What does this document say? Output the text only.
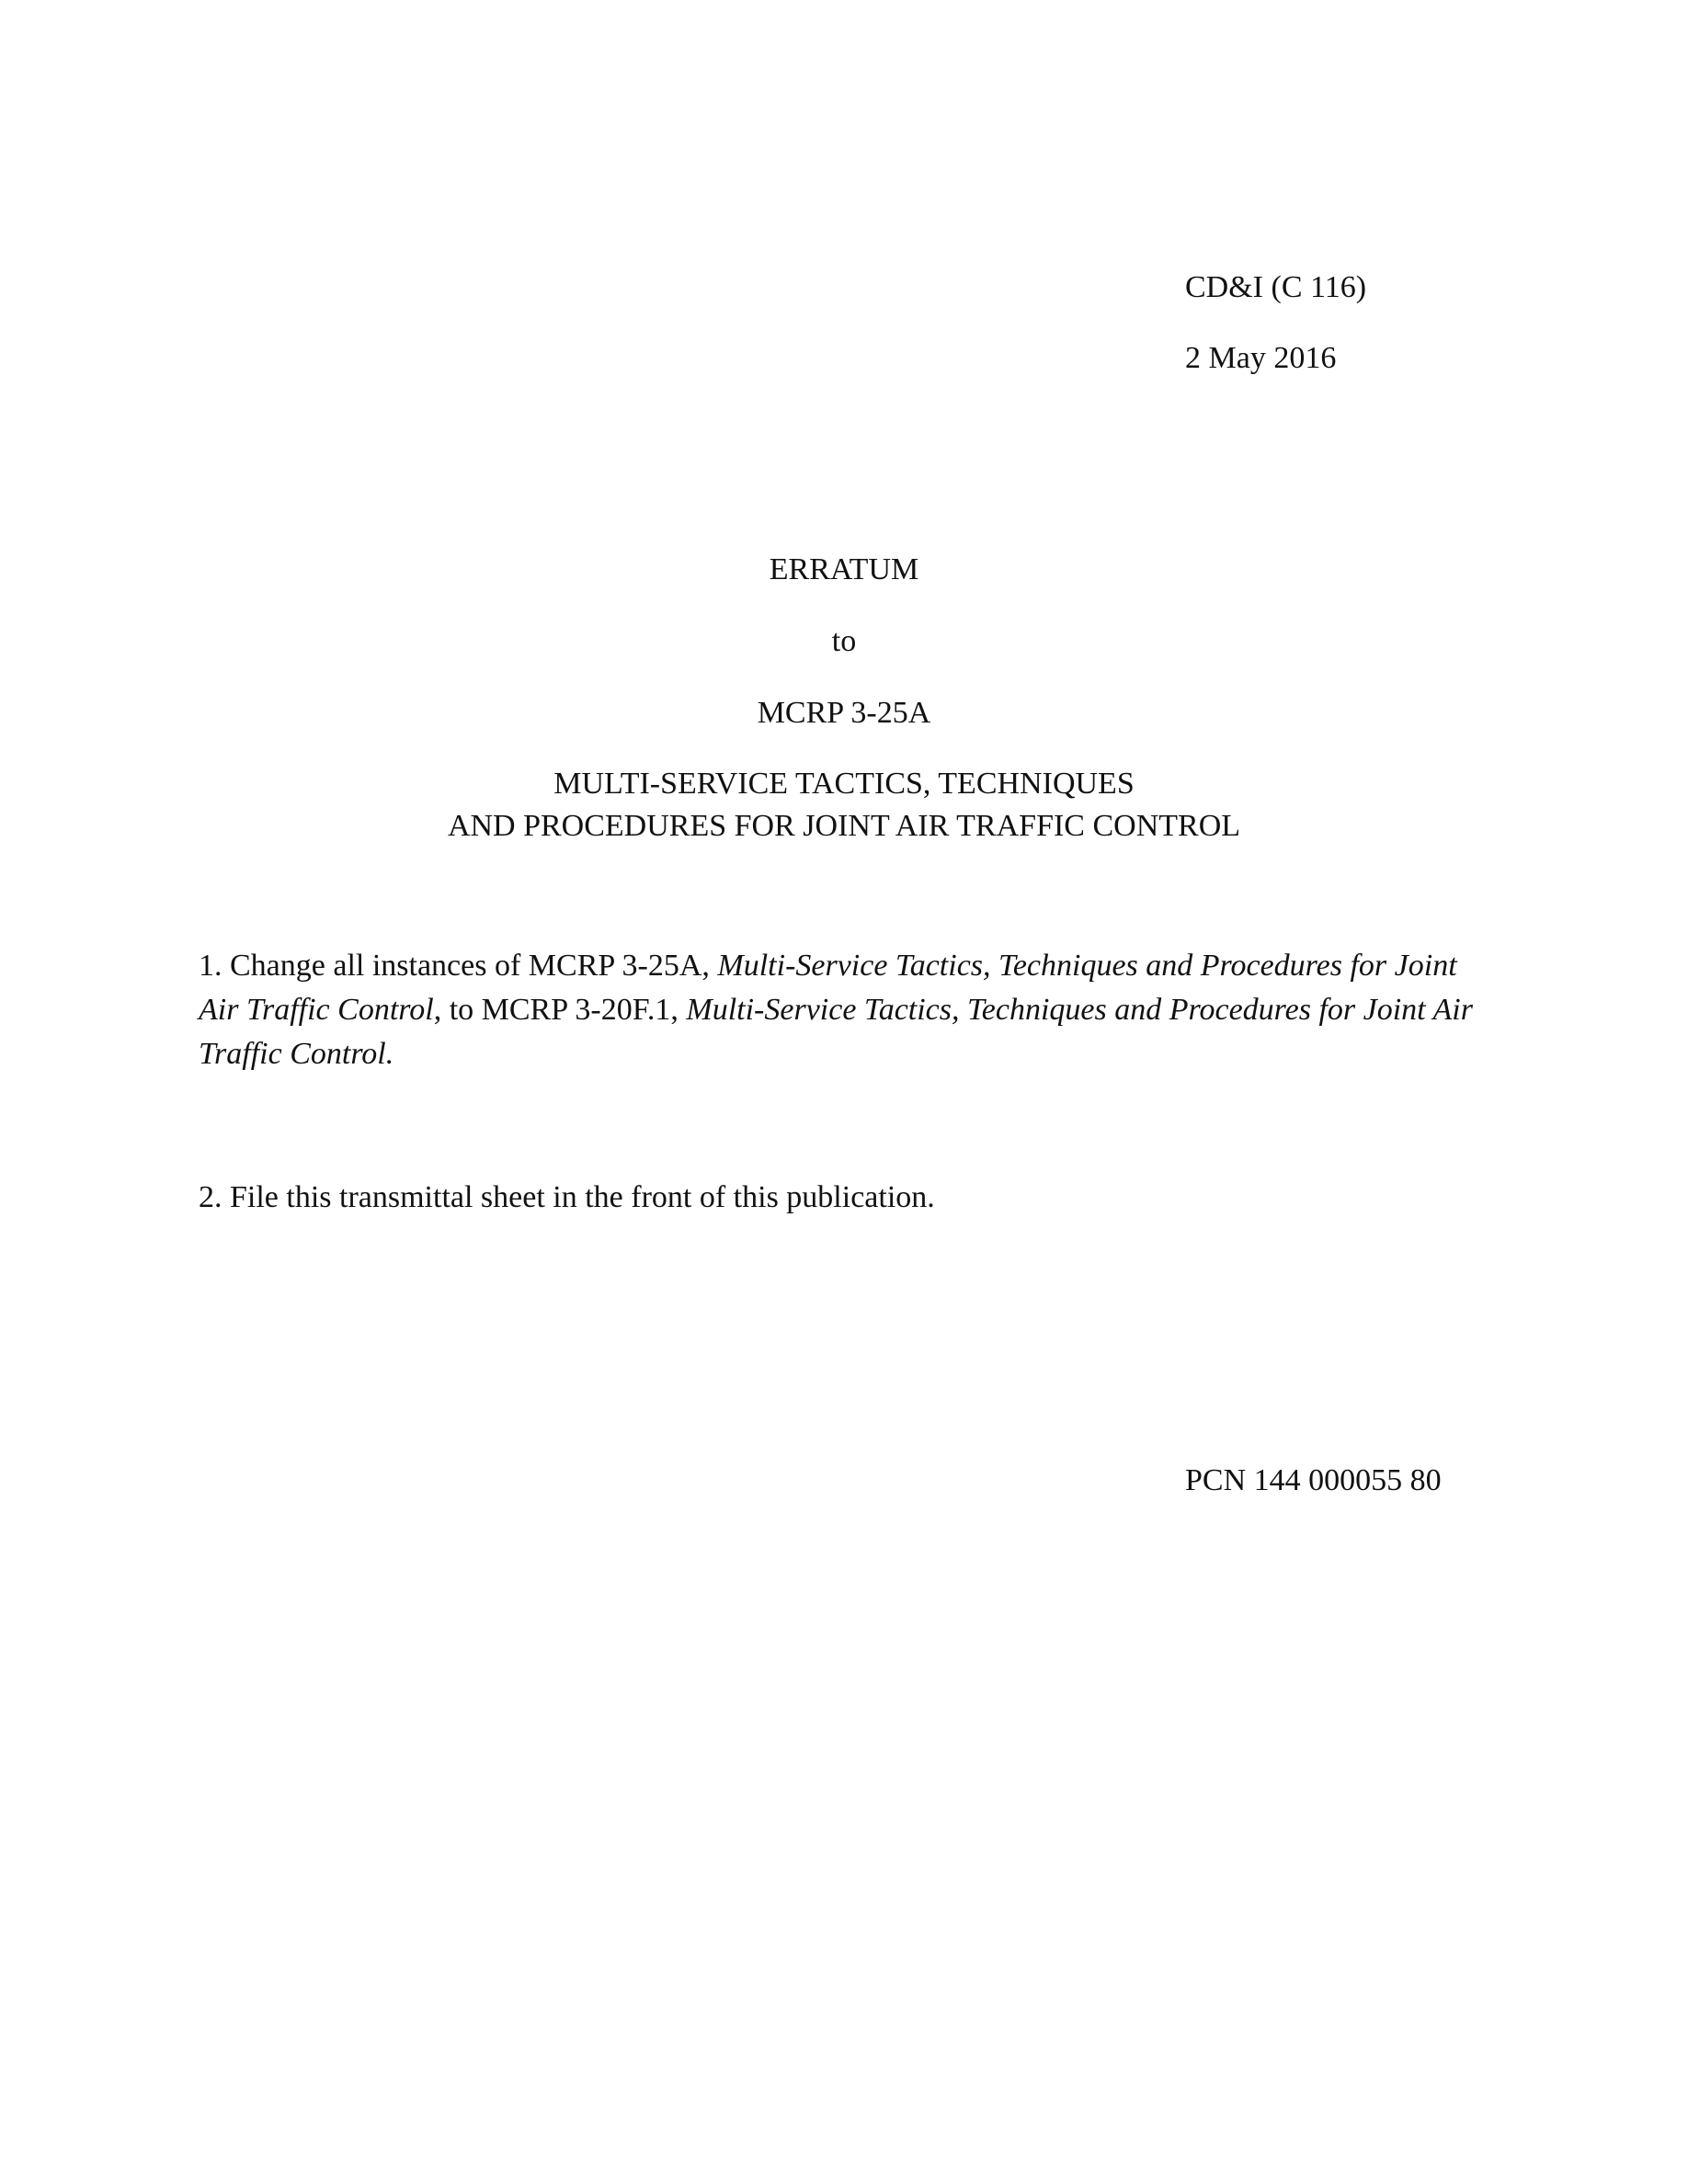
CD&I (C 116)
2 May 2016
ERRATUM
to
MCRP 3-25A
MULTI-SERVICE TACTICS, TECHNIQUES
AND PROCEDURES FOR JOINT AIR TRAFFIC CONTROL

1. Change all instances of MCRP 3-25A, Multi-Service Tactics, Techniques and Procedures for Joint Air Traffic Control, to MCRP 3-20F.1, Multi-Service Tactics, Techniques and Procedures for Joint Air Traffic Control.

2. File this transmittal sheet in the front of this publication.
PCN 144 000055 80
